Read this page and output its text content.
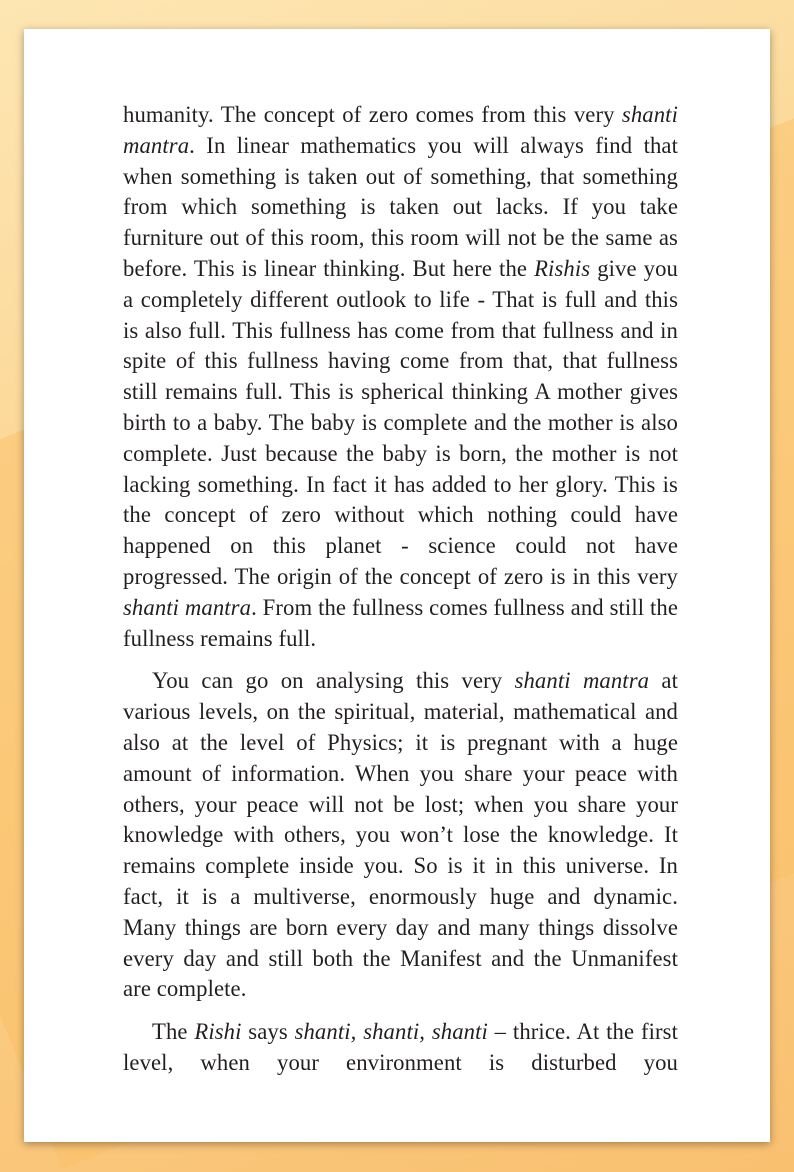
humanity. The concept of zero comes from this very shanti mantra. In linear mathematics you will always find that when something is taken out of something, that something from which something is taken out lacks. If you take furniture out of this room, this room will not be the same as before. This is linear thinking. But here the Rishis give you a completely different outlook to life - That is full and this is also full. This fullness has come from that fullness and in spite of this fullness having come from that, that fullness still remains full. This is spherical thinking A mother gives birth to a baby. The baby is complete and the mother is also complete. Just because the baby is born, the mother is not lacking something. In fact it has added to her glory. This is the concept of zero without which nothing could have happened on this planet - science could not have progressed. The origin of the concept of zero is in this very shanti mantra. From the fullness comes fullness and still the fullness remains full.

You can go on analysing this very shanti mantra at various levels, on the spiritual, material, mathematical and also at the level of Physics; it is pregnant with a huge amount of information. When you share your peace with others, your peace will not be lost; when you share your knowledge with others, you won’t lose the knowledge. It remains complete inside you. So is it in this universe. In fact, it is a multiverse, enormously huge and dynamic. Many things are born every day and many things dissolve every day and still both the Manifest and the Unmanifest are complete.

The Rishi says shanti, shanti, shanti – thrice. At the first level, when your environment is disturbed you
